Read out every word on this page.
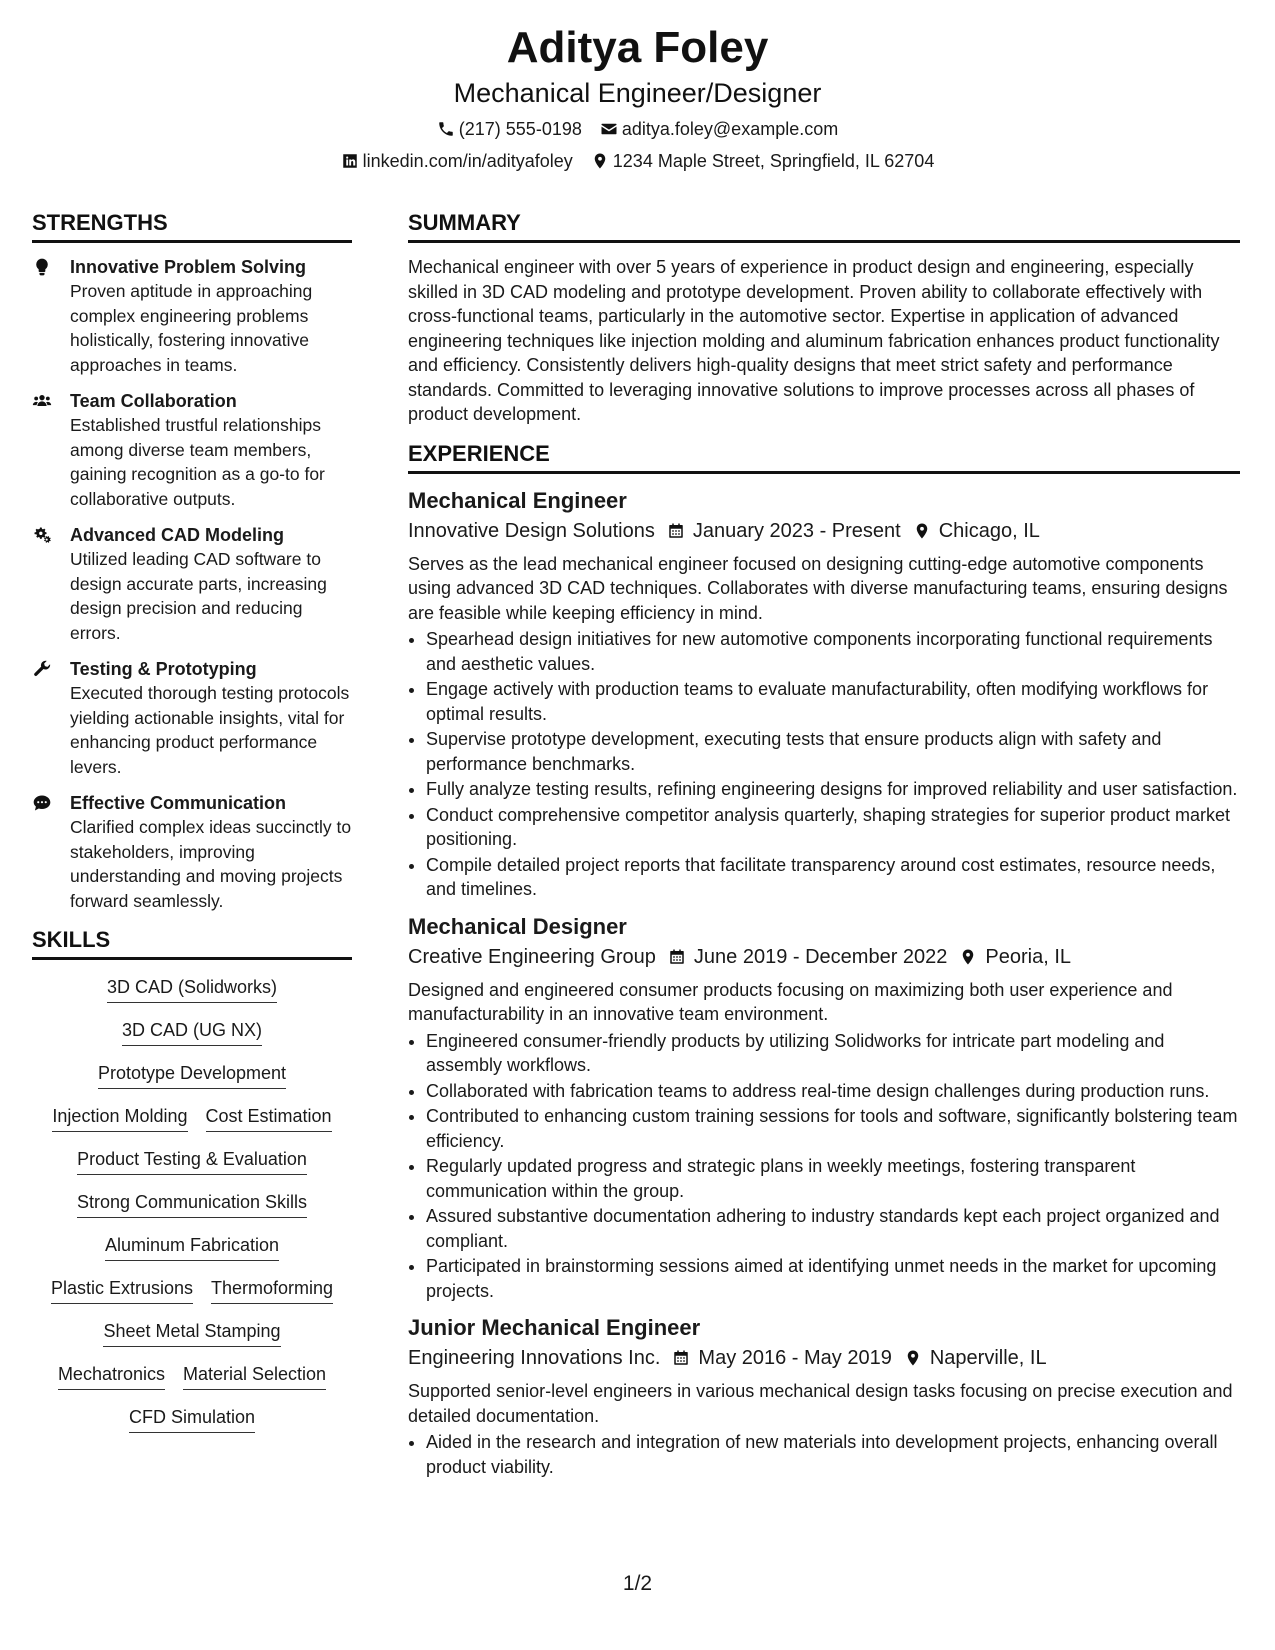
Aditya Foley
Mechanical Engineer/Designer
(217) 555-0198 aditya.foley@example.com
linkedin.com/in/adityafoley 1234 Maple Street, Springfield, IL 62704
STRENGTHS
Innovative Problem Solving
Proven aptitude in approaching complex engineering problems holistically, fostering innovative approaches in teams.
Team Collaboration
Established trustful relationships among diverse team members, gaining recognition as a go-to for collaborative outputs.
Advanced CAD Modeling
Utilized leading CAD software to design accurate parts, increasing design precision and reducing errors.
Testing & Prototyping
Executed thorough testing protocols yielding actionable insights, vital for enhancing product performance levers.
Effective Communication
Clarified complex ideas succinctly to stakeholders, improving understanding and moving projects forward seamlessly.
SKILLS
3D CAD (Solidworks)
3D CAD (UG NX)
Prototype Development
Injection Molding Cost Estimation
Product Testing & Evaluation
Strong Communication Skills
Aluminum Fabrication
Plastic Extrusions Thermoforming
Sheet Metal Stamping
Mechatronics Material Selection
CFD Simulation
SUMMARY
Mechanical engineer with over 5 years of experience in product design and engineering, especially skilled in 3D CAD modeling and prototype development. Proven ability to collaborate effectively with cross-functional teams, particularly in the automotive sector. Expertise in application of advanced engineering techniques like injection molding and aluminum fabrication enhances product functionality and efficiency. Consistently delivers high-quality designs that meet strict safety and performance standards. Committed to leveraging innovative solutions to improve processes across all phases of product development.
EXPERIENCE
Mechanical Engineer
Innovative Design Solutions January 2023 - Present Chicago, IL
Serves as the lead mechanical engineer focused on designing cutting-edge automotive components using advanced 3D CAD techniques. Collaborates with diverse manufacturing teams, ensuring designs are feasible while keeping efficiency in mind.
• Spearhead design initiatives for new automotive components incorporating functional requirements and aesthetic values.
• Engage actively with production teams to evaluate manufacturability, often modifying workflows for optimal results.
• Supervise prototype development, executing tests that ensure products align with safety and performance benchmarks.
• Fully analyze testing results, refining engineering designs for improved reliability and user satisfaction.
• Conduct comprehensive competitor analysis quarterly, shaping strategies for superior product market positioning.
• Compile detailed project reports that facilitate transparency around cost estimates, resource needs, and timelines.
Mechanical Designer
Creative Engineering Group June 2019 - December 2022 Peoria, IL
Designed and engineered consumer products focusing on maximizing both user experience and manufacturability in an innovative team environment.
• Engineered consumer-friendly products by utilizing Solidworks for intricate part modeling and assembly workflows.
• Collaborated with fabrication teams to address real-time design challenges during production runs.
• Contributed to enhancing custom training sessions for tools and software, significantly bolstering team efficiency.
• Regularly updated progress and strategic plans in weekly meetings, fostering transparent communication within the group.
• Assured substantive documentation adhering to industry standards kept each project organized and compliant.
• Participated in brainstorming sessions aimed at identifying unmet needs in the market for upcoming projects.
Junior Mechanical Engineer
Engineering Innovations Inc. May 2016 - May 2019 Naperville, IL
Supported senior-level engineers in various mechanical design tasks focusing on precise execution and detailed documentation.
• Aided in the research and integration of new materials into development projects, enhancing overall product viability.
1/2
